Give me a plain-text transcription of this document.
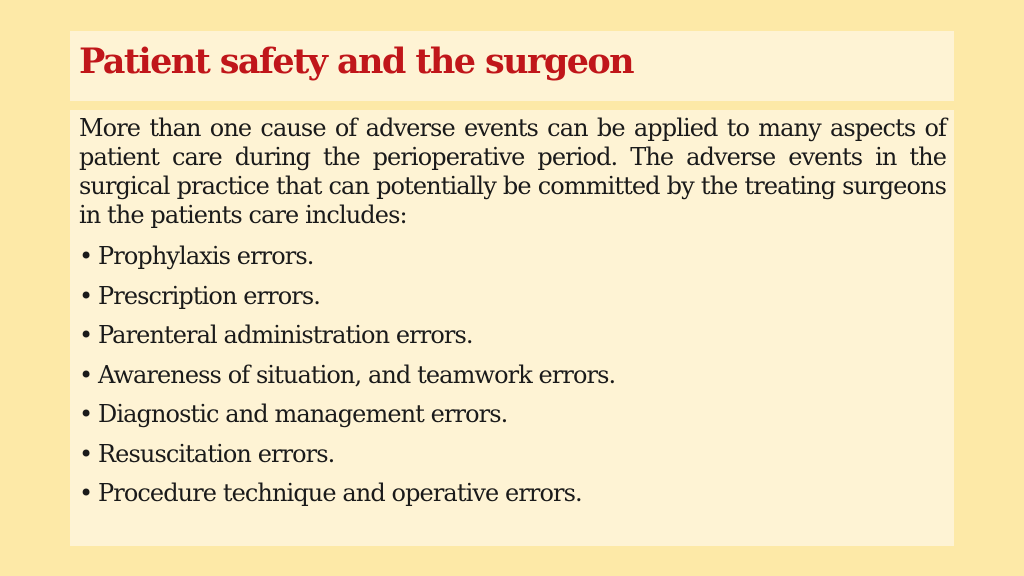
Patient safety and the surgeon

More than one cause of adverse events can be applied to many aspects of patient care during the perioperative period. The adverse events in the surgical practice that can potentially be committed by the treating surgeons in the patients care includes:

• Prophylaxis errors.
• Prescription errors.
• Parenteral administration errors.
• Awareness of situation, and teamwork errors.
• Diagnostic and management errors.
• Resuscitation errors.
• Procedure technique and operative errors.
